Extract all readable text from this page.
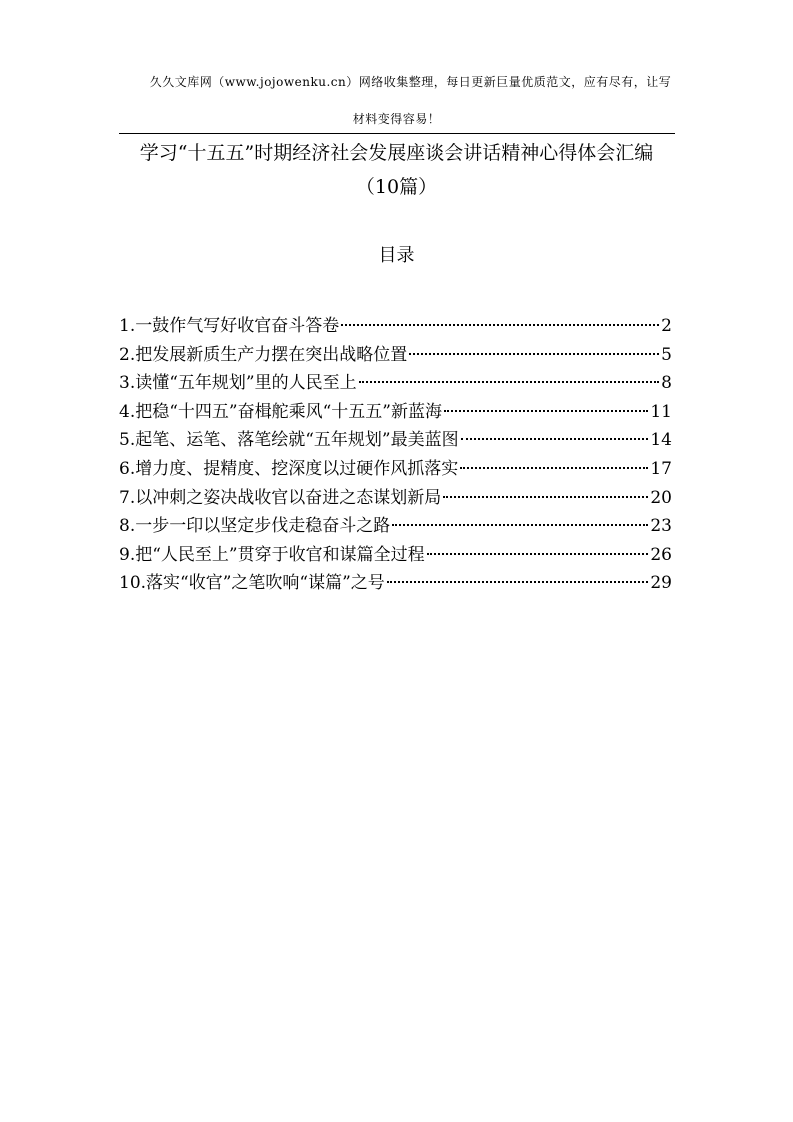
久久文库网（www.jojowenku.cn）网络收集整理，每日更新巨量优质范文，应有尽有，让写
材料变得容易！
学习“十五五”时期经济社会发展座谈会讲话精神心得体会汇编
（10篇）
目录
1.一鼓作气写好收官奋斗答卷	2
2.把发展新质生产力摆在突出战略位置	5
3.读懂“五年规划”里的人民至上	8
4.把稳“十四五”奋楫舵乘风“十五五”新蓝海	11
5.起笔、运笔、落笔绘就“五年规划”最美蓝图	14
6.增力度、提精度、挖深度以过硬作风抓落实	17
7.以冲刺之姿决战收官以奋进之态谋划新局	20
8.一步一印以坚定步伐走稳奋斗之路	23
9.把“人民至上”贯穿于收官和谋篇全过程	26
10.落实“收官”之笔吹响“谋篇”之号	29
